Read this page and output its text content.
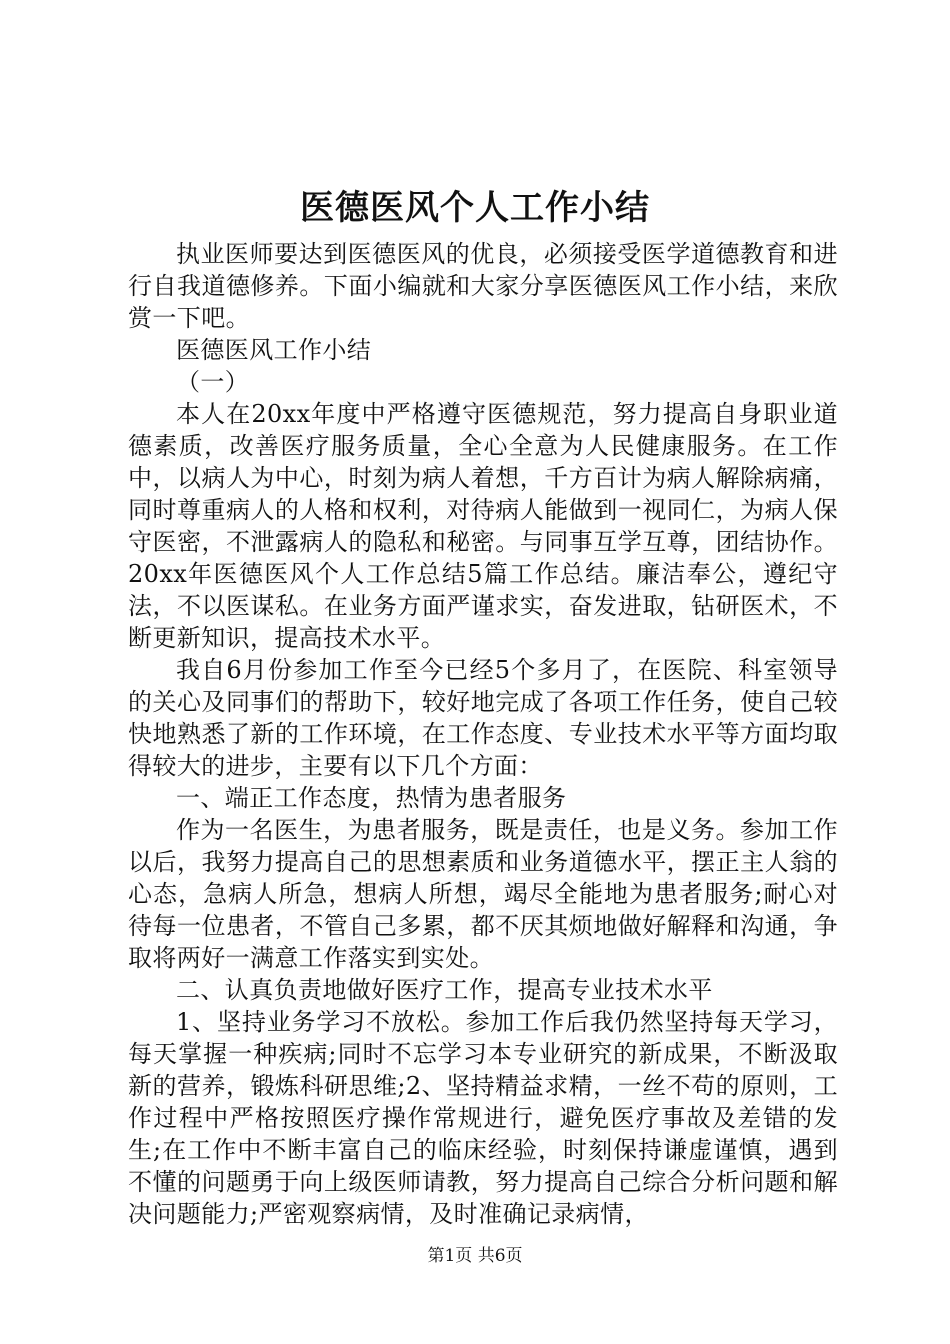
医德医风个人工作小结

执业医师要达到医德医风的优良，必须接受医学道德教育和进行自我道德修养。下面小编就和大家分享医德医风工作小结，来欣赏一下吧。

医德医风工作小结

（一）

本人在20xx年度中严格遵守医德规范，努力提高自身职业道德素质，改善医疗服务质量，全心全意为人民健康服务。在工作中，以病人为中心，时刻为病人着想，千方百计为病人解除病痛，同时尊重病人的人格和权利，对待病人能做到一视同仁，为病人保守医密，不泄露病人的隐私和秘密。与同事互学互尊，团结协作。20xx年医德医风个人工作总结5篇工作总结。廉洁奉公，遵纪守法，不以医谋私。在业务方面严谨求实，奋发进取，钻研医术，不断更新知识，提高技术水平。

我自6月份参加工作至今已经5个多月了，在医院、科室领导的关心及同事们的帮助下，较好地完成了各项工作任务，使自己较快地熟悉了新的工作环境，在工作态度、专业技术水平等方面均取得较大的进步，主要有以下几个方面：

一、端正工作态度，热情为患者服务

作为一名医生，为患者服务，既是责任，也是义务。参加工作以后，我努力提高自己的思想素质和业务道德水平，摆正主人翁的心态，急病人所急，想病人所想，竭尽全能地为患者服务;耐心对待每一位患者，不管自己多累，都不厌其烦地做好解释和沟通，争取将两好一满意工作落实到实处。

二、认真负责地做好医疗工作，提高专业技术水平

1、坚持业务学习不放松。参加工作后我仍然坚持每天学习，每天掌握一种疾病;同时不忘学习本专业研究的新成果，不断汲取新的营养，锻炼科研思维;2、坚持精益求精，一丝不苟的原则，工作过程中严格按照医疗操作常规进行，避免医疗事故及差错的发生;在工作中不断丰富自己的临床经验，时刻保持谦虚谨慎，遇到不懂的问题勇于向上级医师请教，努力提高自己综合分析问题和解决问题能力;严密观察病情，及时准确记录病情，

第1页 共6页
